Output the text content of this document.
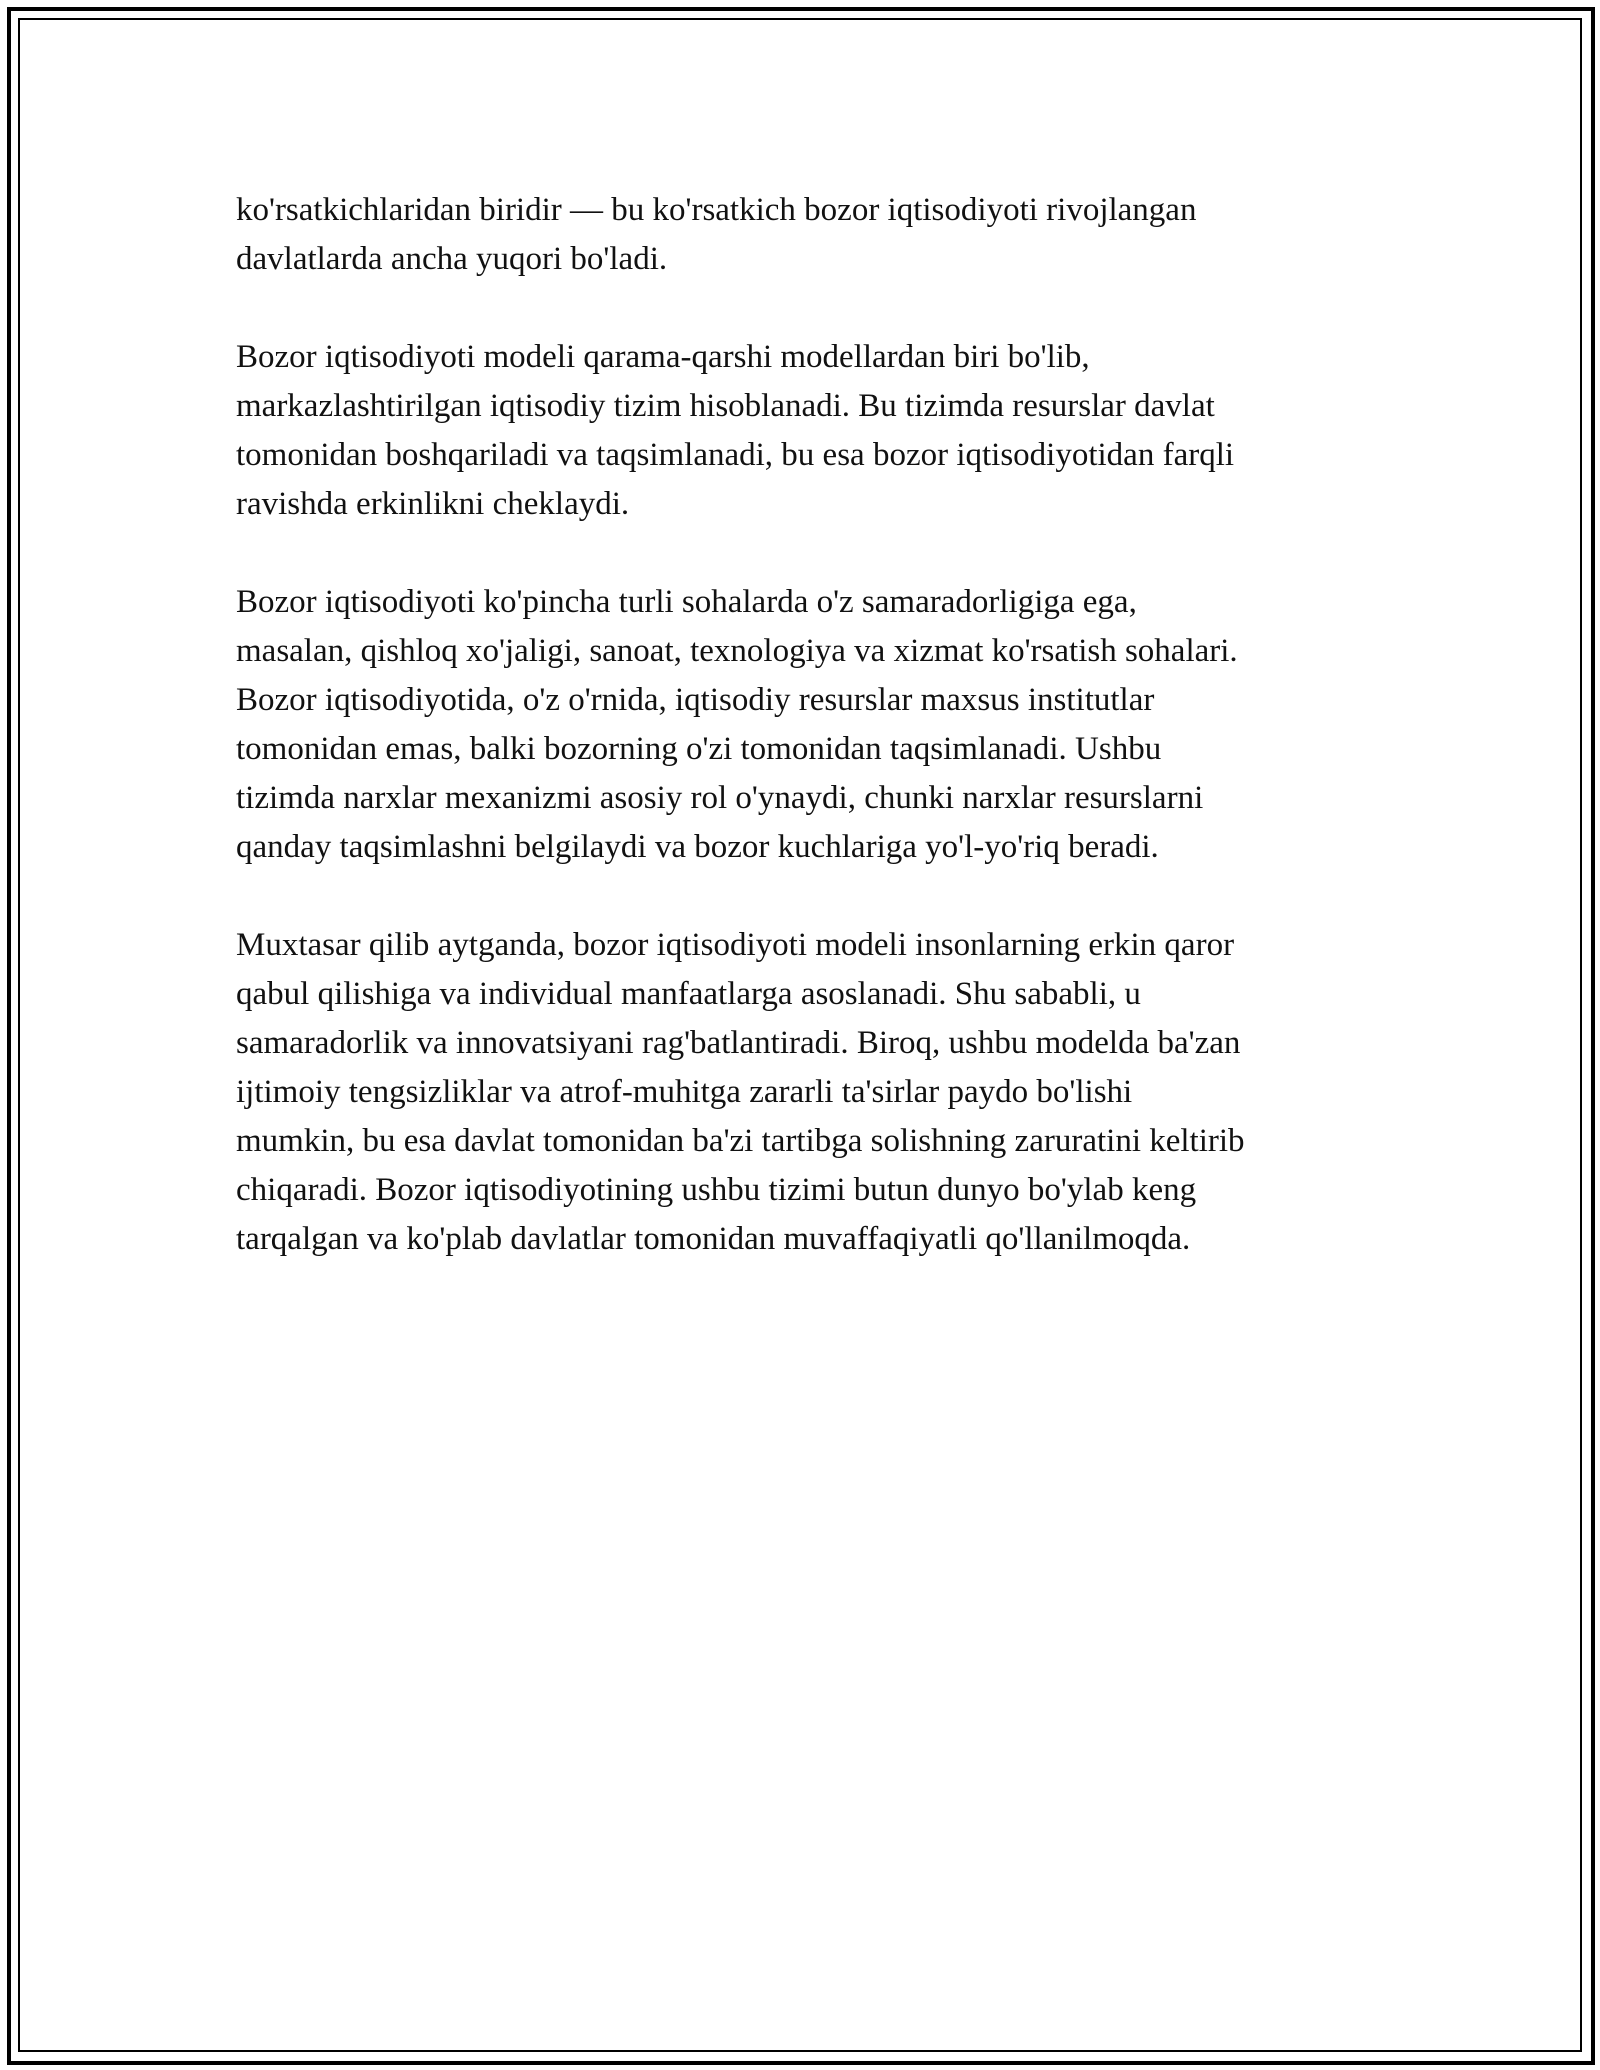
ko'rsatkichlaridan biridir — bu ko'rsatkich bozor iqtisodiyoti rivojlangan
davlatlarda ancha yuqori bo'ladi.

Bozor iqtisodiyoti modeli qarama-qarshi modellardan biri bo'lib,
markazlashtirilgan iqtisodiy tizim hisoblanadi. Bu tizimda resurslar davlat
tomonidan boshqariladi va taqsimlanadi, bu esa bozor iqtisodiyotidan farqli
ravishda erkinlikni cheklaydi.

Bozor iqtisodiyoti ko'pincha turli sohalarda o'z samaradorligiga ega,
masalan, qishloq xo'jaligi, sanoat, texnologiya va xizmat ko'rsatish sohalari.
Bozor iqtisodiyotida, o'z o'rnida, iqtisodiy resurslar maxsus institutlar
tomonidan emas, balki bozorning o'zi tomonidan taqsimlanadi. Ushbu
tizimda narxlar mexanizmi asosiy rol o'ynaydi, chunki narxlar resurslarni
qanday taqsimlashni belgilaydi va bozor kuchlariga yo'l-yo'riq beradi.

Muxtasar qilib aytganda, bozor iqtisodiyoti modeli insonlarning erkin qaror
qabul qilishiga va individual manfaatlarga asoslanadi. Shu sababli, u
samaradorlik va innovatsiyani rag'batlantiradi. Biroq, ushbu modelda ba'zan
ijtimoiy tengsizliklar va atrof-muhitga zararli ta'sirlar paydo bo'lishi
mumkin, bu esa davlat tomonidan ba'zi tartibga solishning zaruratini keltirib
chiqaradi. Bozor iqtisodiyotining ushbu tizimi butun dunyo bo'ylab keng
tarqalgan va ko'plab davlatlar tomonidan muvaffaqiyatli qo'llanilmoqda.
